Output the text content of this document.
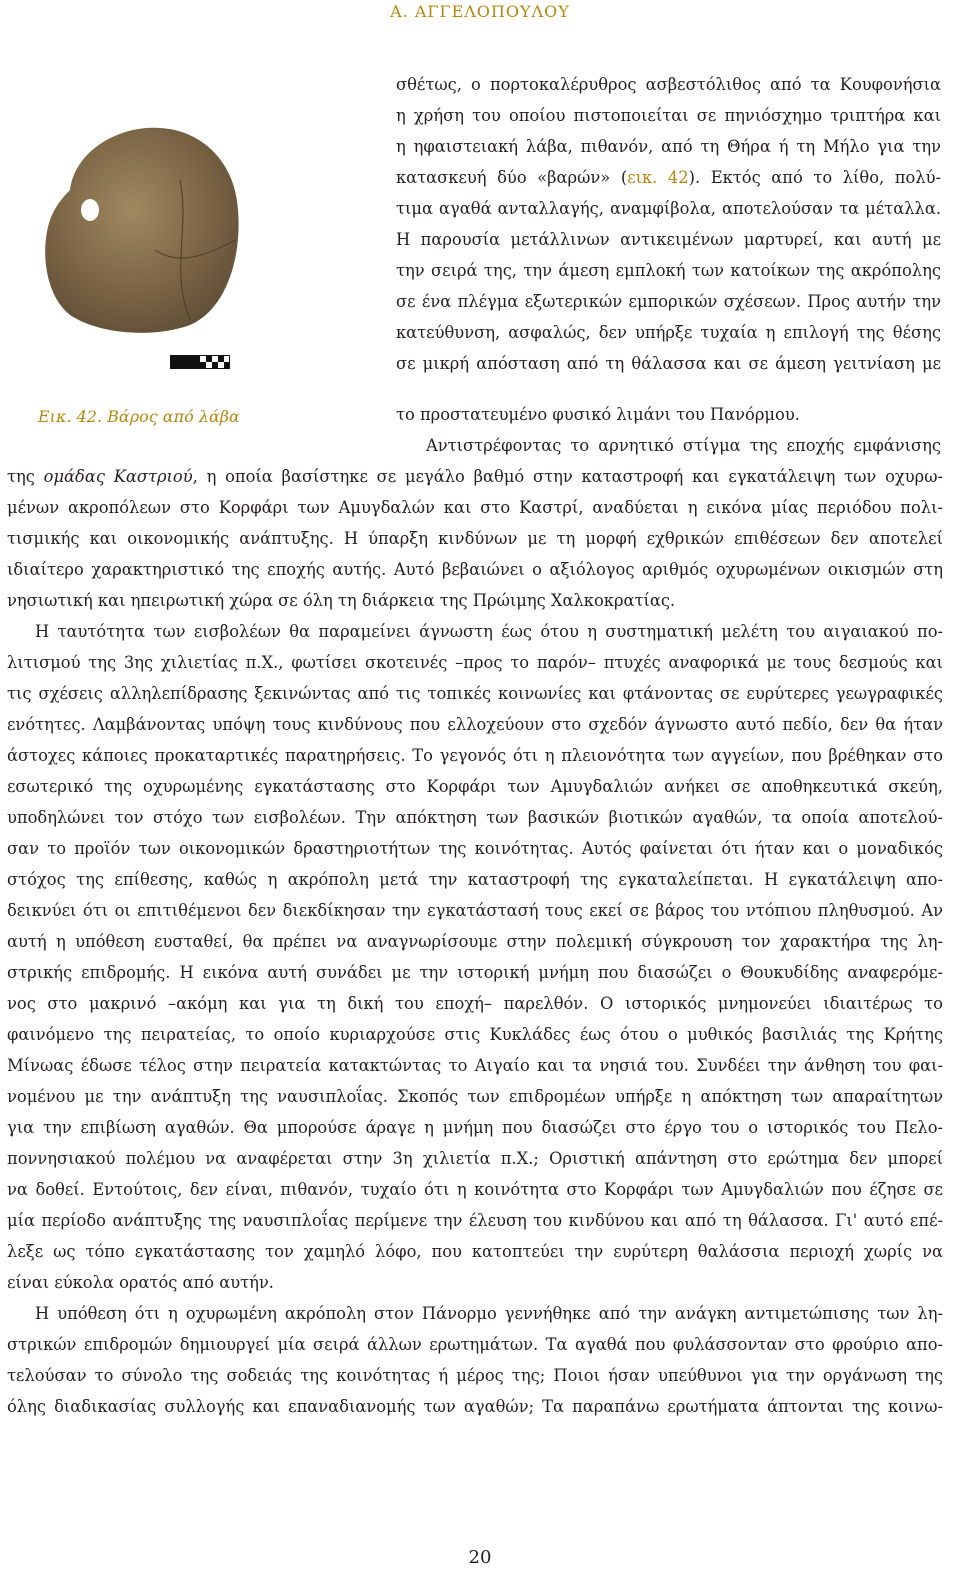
Α. ΑΓΓΕΛΟΠΟΥΛΟΥ
Εικ. 42. Βάρος από λάβα
σθέτως, ο πορτοκαλέρυθρος ασβεστόλιθος από τα Κουφονήσια
η χρήση του οποίου πιστοποιείται σε πηνιόσχημο τριπτήρα και
η ηφαιστειακή λάβα, πιθανόν, από τη Θήρα ή τη Μήλο για την
κατασκευή δύο «βαρών» (εικ. 42). Εκτός από το λίθο, πολύ-
τιμα αγαθά ανταλλαγής, αναμφίβολα, αποτελούσαν τα μέταλλα.
Η παρουσία μετάλλινων αντικειμένων μαρτυρεί, και αυτή με
την σειρά της, την άμεση εμπλοκή των κατοίκων της ακρόπολης
σε ένα πλέγμα εξωτερικών εμπορικών σχέσεων. Προς αυτήν την
κατεύθυνση, ασφαλώς, δεν υπήρξε τυχαία η επιλογή της θέσης
σε μικρή απόσταση από τη θάλασσα και σε άμεση γειτνίαση με
το προστατευμένο φυσικό λιμάνι του Πανόρμου.
Αντιστρέφοντας το αρνητικό στίγμα της εποχής εμφάνισης
της ομάδας Καστριού, η οποία βασίστηκε σε μεγάλο βαθμό στην καταστροφή και εγκατάλειψη των οχυρω-
μένων ακροπόλεων στο Κορφάρι των Αμυγδαλών και στο Καστρί, αναδύεται η εικόνα μίας περιόδου πολι-
τισμικής και οικονομικής ανάπτυξης. Η ύπαρξη κινδύνων με τη μορφή εχθρικών επιθέσεων δεν αποτελεί
ιδιαίτερο χαρακτηριστικό της εποχής αυτής. Αυτό βεβαιώνει ο αξιόλογος αριθμός οχυρωμένων οικισμών στη
νησιωτική και ηπειρωτική χώρα σε όλη τη διάρκεια της Πρώιμης Χαλκοκρατίας.
Η ταυτότητα των εισβολέων θα παραμείνει άγνωστη έως ότου η συστηματική μελέτη του αιγαιακού πο-
λιτισμού της 3ης χιλιετίας π.Χ., φωτίσει σκοτεινές –προς το παρόν– πτυχές αναφορικά με τους δεσμούς και
τις σχέσεις αλληλεπίδρασης ξεκινώντας από τις τοπικές κοινωνίες και φτάνοντας σε ευρύτερες γεωγραφικές
ενότητες. Λαμβάνοντας υπόψη τους κινδύνους που ελλοχεύουν στο σχεδόν άγνωστο αυτό πεδίο, δεν θα ήταν
άστοχες κάποιες προκαταρτικές παρατηρήσεις. Το γεγονός ότι η πλειονότητα των αγγείων, που βρέθηκαν στο
εσωτερικό της οχυρωμένης εγκατάστασης στο Κορφάρι των Αμυγδαλιών ανήκει σε αποθηκευτικά σκεύη,
υποδηλώνει τον στόχο των εισβολέων. Την απόκτηση των βασικών βιοτικών αγαθών, τα οποία αποτελού-
σαν το προϊόν των οικονομικών δραστηριοτήτων της κοινότητας. Αυτός φαίνεται ότι ήταν και ο μοναδικός
στόχος της επίθεσης, καθώς η ακρόπολη μετά την καταστροφή της εγκαταλείπεται. Η εγκατάλειψη απο-
δεικνύει ότι οι επιτιθέμενοι δεν διεκδίκησαν την εγκατάστασή τους εκεί σε βάρος του ντόπιου πληθυσμού. Αν
αυτή η υπόθεση ευσταθεί, θα πρέπει να αναγνωρίσουμε στην πολεμική σύγκρουση τον χαρακτήρα της λη-
στρικής επιδρομής. Η εικόνα αυτή συνάδει με την ιστορική μνήμη που διασώζει ο Θουκυδίδης αναφερόμε-
νος στο μακρινό –ακόμη και για τη δική του εποχή– παρελθόν. Ο ιστορικός μνημονεύει ιδιαιτέρως το
φαινόμενο της πειρατείας, το οποίο κυριαρχούσε στις Κυκλάδες έως ότου ο μυθικός βασιλιάς της Κρήτης
Μίνωας έδωσε τέλος στην πειρατεία κατακτώντας το Αιγαίο και τα νησιά του. Συνδέει την άνθηση του φαι-
νομένου με την ανάπτυξη της ναυσιπλοΐας. Σκοπός των επιδρομέων υπήρξε η απόκτηση των απαραίτητων
για την επιβίωση αγαθών. Θα μπορούσε άραγε η μνήμη που διασώζει στο έργο του ο ιστορικός του Πελο-
ποννησιακού πολέμου να αναφέρεται στην 3η χιλιετία π.Χ.; Οριστική απάντηση στο ερώτημα δεν μπορεί
να δοθεί. Εντούτοις, δεν είναι, πιθανόν, τυχαίο ότι η κοινότητα στο Κορφάρι των Αμυγδαλιών που έζησε σε
μία περίοδο ανάπτυξης της ναυσιπλοΐας περίμενε την έλευση του κινδύνου και από τη θάλασσα. Γι' αυτό επέ-
λεξε ως τόπο εγκατάστασης τον χαμηλό λόφο, που κατοπτεύει την ευρύτερη θαλάσσια περιοχή χωρίς να
είναι εύκολα ορατός από αυτήν.
Η υπόθεση ότι η οχυρωμένη ακρόπολη στον Πάνορμο γεννήθηκε από την ανάγκη αντιμετώπισης των λη-
στρικών επιδρομών δημιουργεί μία σειρά άλλων ερωτημάτων. Τα αγαθά που φυλάσσονταν στο φρούριο απο-
τελούσαν το σύνολο της σοδειάς της κοινότητας ή μέρος της; Ποιοι ήσαν υπεύθυνοι για την οργάνωση της
όλης διαδικασίας συλλογής και επαναδιανομής των αγαθών; Τα παραπάνω ερωτήματα άπτονται της κοινω-
20
